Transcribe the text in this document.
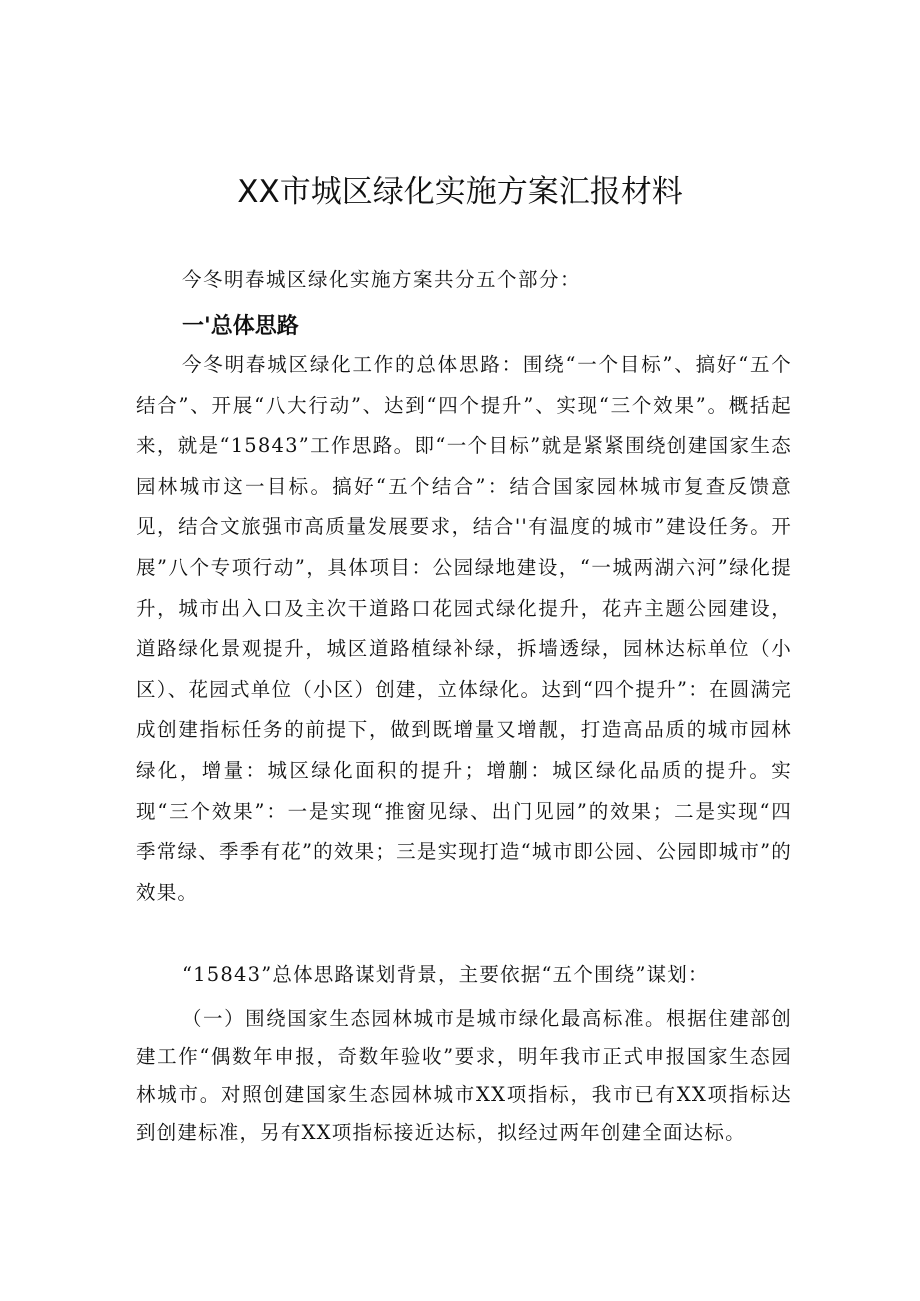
XX市城区绿化实施方案汇报材料

今冬明春城区绿化实施方案共分五个部分：

一'总体思路

今冬明春城区绿化工作的总体思路：围绕“一个目标”、搞好“五个结合”、开展“八大行动”、达到“四个提升”、实现“三个效果”。概括起来，就是“15843”工作思路。即“一个目标”就是紧紧围绕创建国家生态园林城市这一目标。搞好“五个结合”：结合国家园林城市复查反馈意见，结合文旅强市高质量发展要求，结合''有温度的城市”建设任务。开展”八个专项行动”，具体项目：公园绿地建设，“一城两湖六河”绿化提升，城市出入口及主次干道路口花园式绿化提升，花卉主题公园建设，道路绿化景观提升，城区道路植绿补绿，拆墙透绿，园林达标单位（小区）、花园式单位（小区）创建，立体绿化。达到“四个提升”：在圆满完成创建指标任务的前提下，做到既增量又增靓，打造高品质的城市园林绿化，增量：城区绿化面积的提升；增蒯：城区绿化品质的提升。实现“三个效果”：一是实现“推窗见绿、出门见园”的效果；二是实现“四季常绿、季季有花”的效果；三是实现打造“城市即公园、公园即城市”的效果。

“15843”总体思路谋划背景，主要依据“五个围绕”谋划：

（一）围绕国家生态园林城市是城市绿化最高标准。根据住建部创建工作“偶数年申报，奇数年验收”要求，明年我市正式申报国家生态园林城市。对照创建国家生态园林城市XX项指标，我市已有XX项指标达到创建标准，另有XX项指标接近达标，拟经过两年创建全面达标。
